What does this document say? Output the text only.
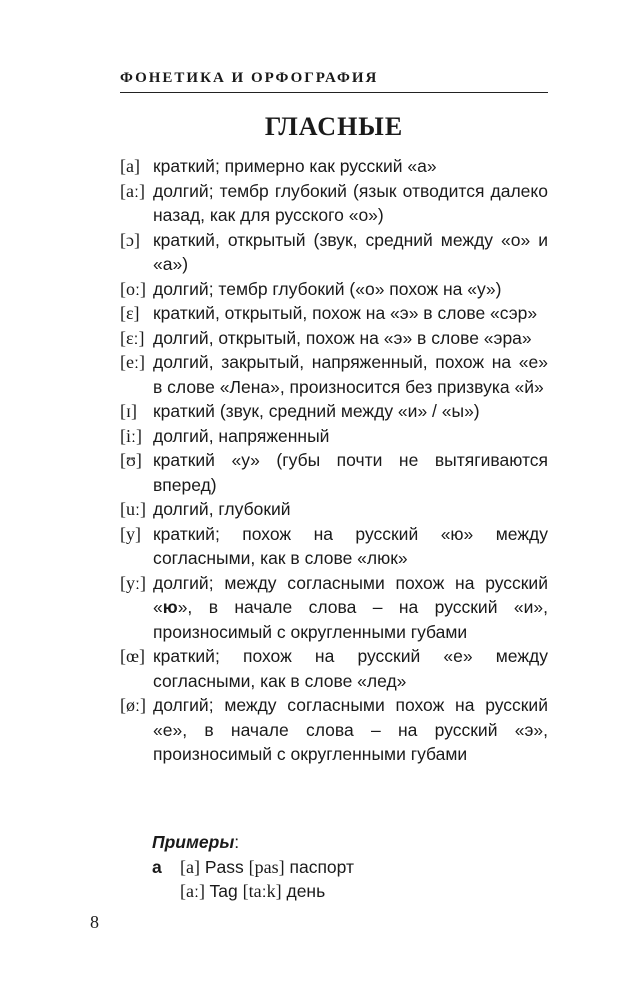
ФОНЕТИКА И ОРФОГРАФИЯ
ГЛАСНЫЕ
[a] краткий; примерно как русский «а»
[aː] долгий; тембр глубокий (язык отводится далеко назад, как для русского «о»)
[ɔ] краткий, открытый (звук, средний между «о» и «а»)
[oː] долгий; тембр глубокий («о» похож на «у»)
[ɛ] краткий, открытый, похож на «э» в слове «сэр»
[ɛː] долгий, открытый, похож на «э» в слове «эра»
[eː] долгий, закрытый, напряженный, похож на «е» в слове «Лена», произносится без призвука «й»
[ɪ] краткий (звук, средний между «и» / «ы»)
[iː] долгий, напряженный
[ʊ] краткий «у» (губы почти не вытягиваются вперед)
[uː] долгий, глубокий
[y] краткий; похож на русский «ю» между согласными, как в слове «люк»
[yː] долгий; между согласными похож на русский «ю», в начале слова – на русский «и», произносимый с округленными губами
[œ] краткий; похож на русский «е» между согласными, как в слове «лед»
[øː] долгий; между согласными похож на русский «е», в начале слова – на русский «э», произносимый с округленными губами
Примеры:
a	[a] Pass [pas] паспорт
[aː] Tag [taːk] день
8
